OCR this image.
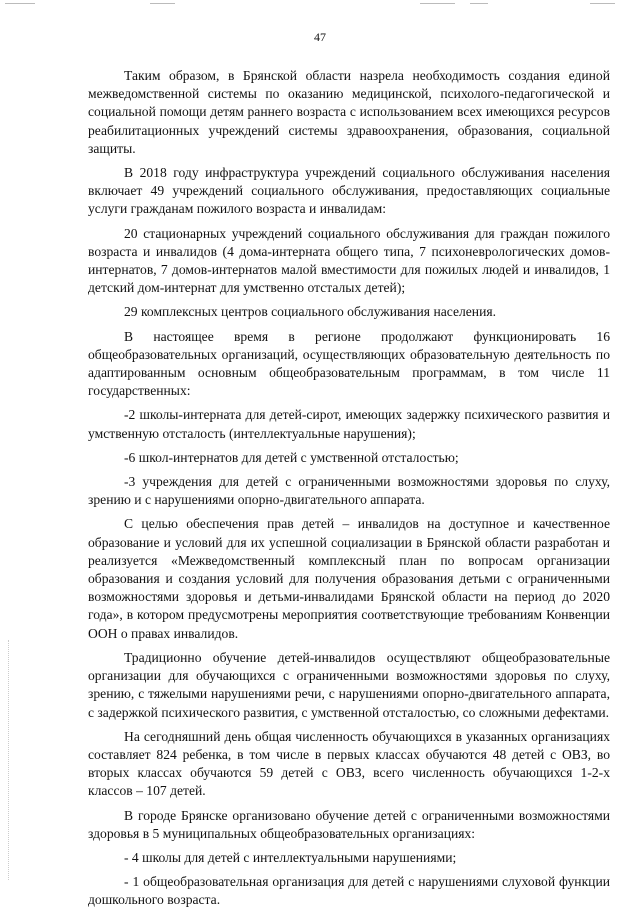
47

Таким образом, в Брянской области назрела необходимость создания единой межведомственной системы по оказанию медицинской, психолого-педагогической и социальной помощи детям раннего возраста с использованием всех имеющихся ресурсов реабилитационных учреждений системы здравоохранения, образования, социальной защиты.

В 2018 году инфраструктура учреждений социального обслуживания населения включает 49 учреждений социального обслуживания, предоставляющих социальные услуги гражданам пожилого возраста и инвалидам:

20 стационарных учреждений социального обслуживания для граждан пожилого возраста и инвалидов (4 дома-интерната общего типа, 7 психоневрологических домов-интернатов, 7 домов-интернатов малой вместимости для пожилых людей и инвалидов, 1 детский дом-интернат для умственно отсталых детей);

29 комплексных центров социального обслуживания населения.

В настоящее время в регионе продолжают функционировать 16 общеобразовательных организаций, осуществляющих образовательную деятельность по адаптированным основным общеобразовательным программам, в том числе 11 государственных:

-2 школы-интерната для детей-сирот, имеющих задержку психического развития и умственную отсталость (интеллектуальные нарушения);

-6 школ-интернатов для детей с умственной отсталостью;

-3 учреждения для детей с ограниченными возможностями здоровья по слуху, зрению и с нарушениями опорно-двигательного аппарата.

С целью обеспечения прав детей – инвалидов на доступное и качественное образование и условий для их успешной социализации в Брянской области разработан и реализуется «Межведомственный комплексный план по вопросам организации образования и создания условий для получения образования детьми с ограниченными возможностями здоровья и детьми-инвалидами Брянской области на период до 2020 года», в котором предусмотрены мероприятия соответствующие требованиям Конвенции ООН о правах инвалидов.

Традиционно обучение детей-инвалидов осуществляют общеобразовательные организации для обучающихся с ограниченными возможностями здоровья по слуху, зрению, с тяжелыми нарушениями речи, с нарушениями опорно-двигательного аппарата, с задержкой психического развития, с умственной отсталостью, со сложными дефектами.

На сегодняшний день общая численность обучающихся в указанных организациях составляет 824 ребенка, в том числе в первых классах обучаются 48 детей с ОВЗ, во вторых классах обучаются 59 детей с ОВЗ, всего численность обучающихся 1-2-х классов – 107 детей.

В городе Брянске организовано обучение детей с ограниченными возможностями здоровья в 5 муниципальных общеобразовательных организациях:

- 4 школы для детей с интеллектуальными нарушениями;

- 1 общеобразовательная организация для детей с нарушениями слуховой функции дошкольного возраста.
